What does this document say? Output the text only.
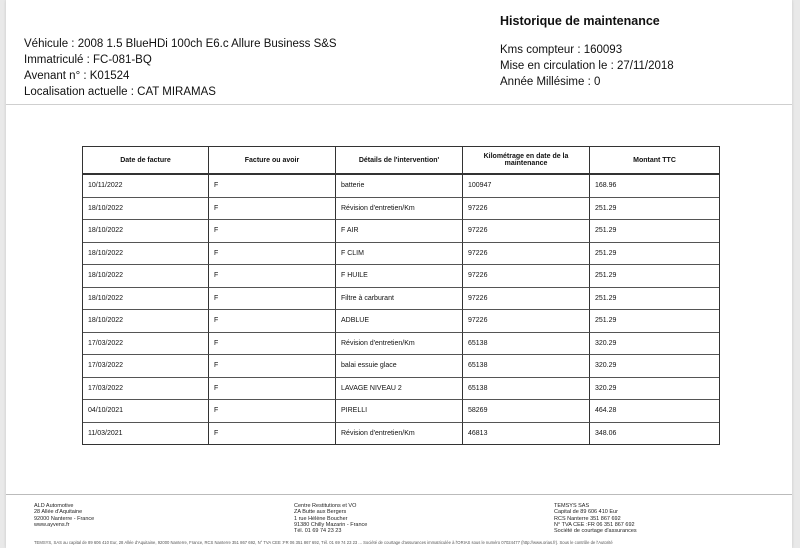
Véhicule : 2008 1.5 BlueHDi 100ch E6.c Allure Business S&S
Immatriculé : FC-081-BQ
Avenant n° : K01524
Localisation actuelle : CAT MIRAMAS
Historique de maintenance
Kms compteur : 160093
Mise en circulation le : 27/11/2018
Année Millésime : 0
Date de facture	Facture ou avoir	Détails de l'intervention'	Kilométrage en date de la maintenance	Montant TTC
10/11/2022	F	batterie	100947	168.96
18/10/2022	F	Révision d'entretien/Km	97226	251.29
18/10/2022	F	F AIR	97226	251.29
18/10/2022	F	F CLIM	97226	251.29
18/10/2022	F	F HUILE	97226	251.29
18/10/2022	F	Filtre à carburant	97226	251.29
18/10/2022	F	ADBLUE	97226	251.29
17/03/2022	F	Révision d'entretien/Km	65138	320.29
17/03/2022	F	balai essuie glace	65138	320.29
17/03/2022	F	LAVAGE NIVEAU 2	65138	320.29
04/10/2021	F	PIRELLI	58269	464.28
11/03/2021	F	Révision d'entretien/Km	46813	348.06
ALD Automotive
28 Allée d'Aquitaine
92000 Nanterre - France
www.ayvens.fr
Centre Restitutions et VO
ZA Butte aux Bergers
1 rue Hélène Boucher
91380 Chilly Mazarin - France
Tél. 01 69 74 23 23
TEMSYS SAS
Capital de 89 606 410 Eur
RCS Nanterre 351 867 692
N° TVA CEE :FR 06 351 867 692
Société de courtage d'assurances
TEMSYS, SAS au capital de 89 606 410 Eur, 28 Allée d'Aquitaine, 92000 Nanterre, France, RCS Nanterre 351 867 692, N° TVA CEE :FR 06 351 867 692, Tél. 01 69 74 23 23 ... Société de courtage d'assurances immatriculée à l'ORIAS sous le numéro 07024477 (http://www.orias.fr). Sous le contrôle de l'Autorité
